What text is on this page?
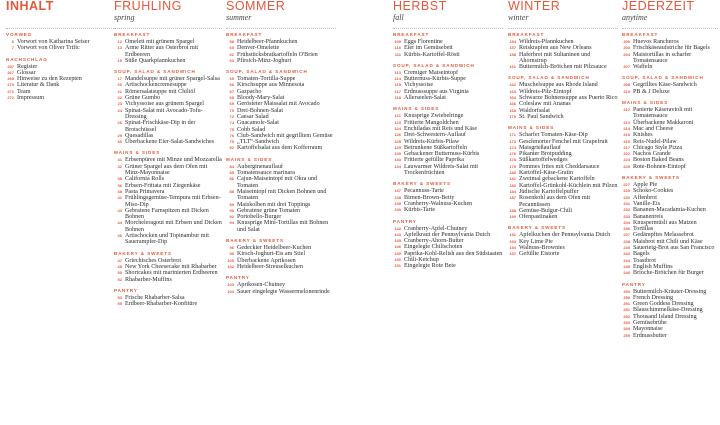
INHALT
VORWEG
6 Vorwort von Katharina Seiser
7 Vorwort von Oliver Trific
NACHSCHLAG
257 Register
267 Glossar
269 Hinweise zu den Rezepten
270 Literatur & Dank
271 Team
272 Impressum
FRÜHLING
spring
BREAKFAST
12 Omelett mit grünem Spargel
13 Arme Ritter aus Osterbrot mit Erdbeeren
15 Süße Quarkpfannkuchen
SOUP, SALAD & SANDWICH
17 Mandelsuppe mit grüner Spargel-Salsa
20 Artischockencremesuppe
21 Römersalatsuppe mit Chiliöl
22 Grüne Gumbo
23 Vichyssoise aus grünem Spargel
24 Spinat-Salat mit Avocado-Tofu-Dressing
26 Spinat-Frischkäse-Dip in der Brotschüssel
29 Quesadillas
30 Überbackene Eier-Salat-Sandwiches
MAINS & SIDES
31 Erbsenpüree mit Minze und Mozzarella
32 Grüner Spargel aus dem Ofen mit Minz-Mayonnaise
35 California Rolls
36 Erbsen-Frittata mit Ziegenkäse
38 Pasta Primavera
41 Frühlingsgemüse-Tempura mit Erbsen-Miso-Dip
43 Gebratene Farnspitzen mit Dicken Bohnen
44 Morcheleragout mit Erbsen und Dicken Bohnen
46 Artischocken und Topinambur mit Sauerampfer-Dip
BAKERY & SWEETS
47 Griechisches Osterbrot
48 New York Cheesecake mit Rhabarber
50 Shortcakes mit marinierten Erdbeeren
52 Rhabarber-Muffins
PANTRY
53 Frische Rhabarber-Salsa
55 Erdbeer-Rhabarber-Konfitüre
SOMMER
summer
BREAKFAST
58 Heidelbeer-Pfannkuchen
60 Denver-Omelette
62 Frühstücksbratkartoffeln O'Brien
63 Pfirsich-Minz-Joghurt
SOUP, SALAD & SANDWICH
65 Tomaten-Tortilla-Suppe
66 Kirschsuppe aus Minnesota
67 Gazpacho
68 Bloody-Mary-Salat
69 Gerösteter Maissalat mit Avocado
70 Drei-Bohnen-Salat
72 Caesar Salad
74 Guacamole-Salat
75 Cobb Salad
76 Club-Sandwich mit gegrilltem Gemüse
79 „TLT“-Sandwich
82 Kartoffelsalat aus dem Kofferraum
MAINS & SIDES
84 Auberginenauflauf
85 Tomatensauce marinara
86 Cajun-Maiseintopf mit Okra und Tomaten
88 Maiseintopf mit Dicken Bohnen und Tomaten
89 Maiskolben mit drei Toppings
90 Gebratene grüne Tomaten
92 Portobello-Burger
94 Knusprige Mini-Tortillas mit Bohnen und Salat
BAKERY & SWEETS
96 Gedeckter Heidelbeer-Kuchen
99 Kirsch-Joghurt-Eis am Stiel
100 Überbackene Aprikosen
102 Heidelbeer-Streuselkuchen
PANTRY
103 Aprikosen-Chutney
104 Sauer eingelegte Wassermelonenrinde
HERBST
fall
BREAKFAST
109 Eggs Florentine
110 Eier im Gemüsebett
111 Kürbis-Kartoffel-Rösti
SOUP, SALAD & SANDWICH
113 Cremiger Maiseintopf
114 Butternuss-Kürbis-Suppe
115 Vichyssoise
117 Erdnusssuppe aus Virginia
118 Allerseelen-Salat
MAINS & SIDES
121 Knusprige Zwiebelringe
123 Fritierte Mangoldchen
124 Enchiladas mit Reis und Käse
126 Drei-Schwestern-Auflauf
128 Wildreis-Kürbis-Pilaw
129 Betrunkene Süßkartoffeln
130 Gebackener Butternuss-Kürbis
133 Fritierte gefüllte Paprika
134 Lauwarmer Wildreis-Salat mit Trockenfrüchten
BAKERY & SWEETS
137 Pecannuss-Tarte
138 Birnen-Brown-Betty
139 Cranberry-Walnuss-Kuchen
140 Kürbis-Tarte
PANTRY
142 Cranberry-Apfel-Chutney
143 Apfelkraut der Pennsylvania Dutch
145 Cranberry-Ahorn-Butter
146 Eingelegte Chilischoten
149 Paprika-Kohl-Relish aus den Südstaaten
150 Chili-Ketchup
151 Eingelegte Rote Bete
WINTER
winter
BREAKFAST
154 Wildreis-Pfannkuchen
157 Reiskrapfen aus New Orleans
158 Haferbrei mit Sultaninen und Ahornsirup
161 Buttermilch-Brötchen mit Pilzsauce
SOUP, SALAD & SANDWICH
162 Muschelsuppe aus Rhode Island
163 Wildreis-Pilz-Eintopf
164 Schwarze Bohnensuppe aus Puerto Rico
166 Coleslaw mit Ananas
168 Waldorfsalat
170 St. Paul Sandwich
MAINS & SIDES
171 Scharfer Tomaten-Käse-Dip
173 Geschmorter Fenchel mit Grapefruit
174 Maisgrießauflauf
176 Pikanter Brotpudding
178 Süßkartoffelwedges
179 Pommes frites mit Cheddarsauce
180 Kartoffel-Käse-Gratin
181 Zweimal gebackene Kartoffeln
183 Kartoffel-Grünkohl-Küchlein mit Pilzen
184 Jüdische Kartoffelpuffer
187 Rosenkohl aus dem Ofen mit Pecannüssen
188 Gemüse-Bulgur-Chili
190 Ofenpastinaken
BAKERY & SWEETS
191 Apfelkuchen der Pennsylvania Dutch
193 Key Lime Pie
194 Walnuss-Brownies
197 Gefüllte Eistorte
JEDERZEIT
anytime
BREAKFAST
200 Huevos Rancheros
203 Frischkäseaufstriche für Bagels
204 Maistortillas in scharfer Tomatensauce
207 Waffeln
SOUP, SALAD & SANDWICH
208 Gegrilltes Käse-Sandwich
210 PB & J Deluxe
MAINS & SIDES
212 Panierte Käseravioli mit Tomatensauce
213 Überbackene Makkaroni
214 Mac and Cheese
215 Knishes
216 Reis-Nudel-Pilaw
217 Chicago Style Pizza
222 Nachos Grande
224 Boston Baked Beans
225 Rote-Bohnen-Eintopf
BAKERY & SWEETS
227 Apple Pie
229 Schoko-Cookies
230 Affenbrot
231 Vanille-Eis
232 Bananen-Macadamia-Kuchen
233 Bananenreis
234 Knuspermüsli aus Matzen
236 Tortillas
237 Gedämpftes Melassebrot
238 Maisbrot mit Chili und Käse
240 Sauerteig-Brot aus San Francisco
243 Bagels
244 Toastbrot
245 English Muffins
246 Brioche-Brötchen für Burger
PANTRY
250 Buttermilch-Kräuter-Dressing
250 French Dressing
251 Green Goddess Dressing
251 Blauschimmelkäse-Dressing
252 Thousand Island Dressing
253 Gemüsebrühe
254 Mayonnaise
255 Erdnussbutter
